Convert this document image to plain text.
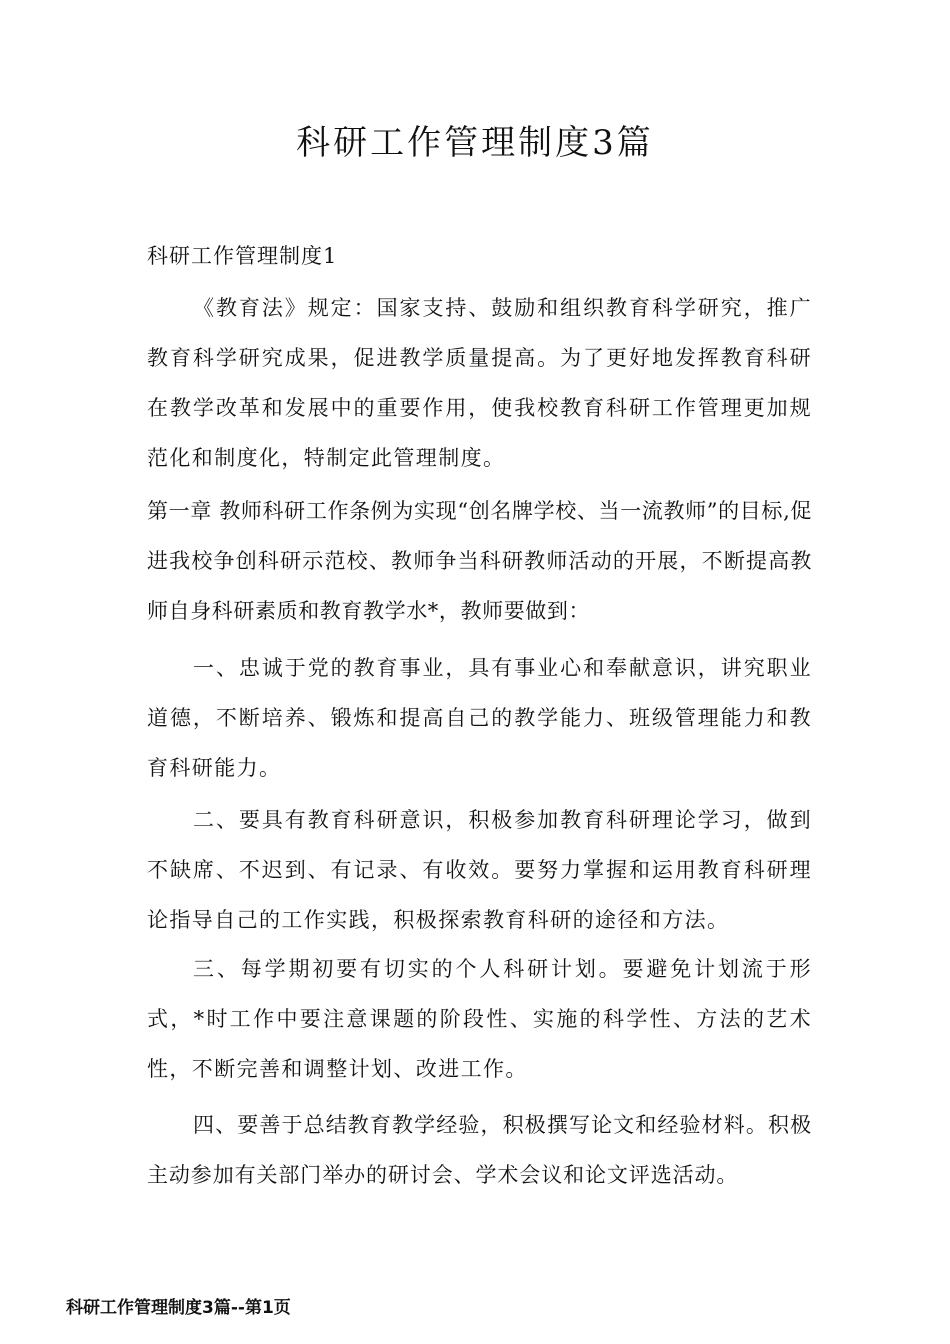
科研工作管理制度3篇
科研工作管理制度1

《教育法》规定：国家支持、鼓励和组织教育科学研究，推广教育科学研究成果，促进教学质量提高。为了更好地发挥教育科研在教学改革和发展中的重要作用，使我校教育科研工作管理更加规范化和制度化，特制定此管理制度。

第一章 教师科研工作条例为实现“创名牌学校、当一流教师”的目标,促进我校争创科研示范校、教师争当科研教师活动的开展，不断提高教师自身科研素质和教育教学水*，教师要做到：

一、忠诚于党的教育事业，具有事业心和奉献意识，讲究职业道德，不断培养、锻炼和提高自己的教学能力、班级管理能力和教育科研能力。

二、要具有教育科研意识，积极参加教育科研理论学习，做到不缺席、不迟到、有记录、有收效。要努力掌握和运用教育科研理论指导自己的工作实践，积极探索教育科研的途径和方法。

三、每学期初要有切实的个人科研计划。要避免计划流于形式，*时工作中要注意课题的阶段性、实施的科学性、方法的艺术性，不断完善和调整计划、改进工作。

四、要善于总结教育教学经验，积极撰写论文和经验材料。积极主动参加有关部门举办的研讨会、学术会议和论文评选活动。

科研工作管理制度3篇--第1页
